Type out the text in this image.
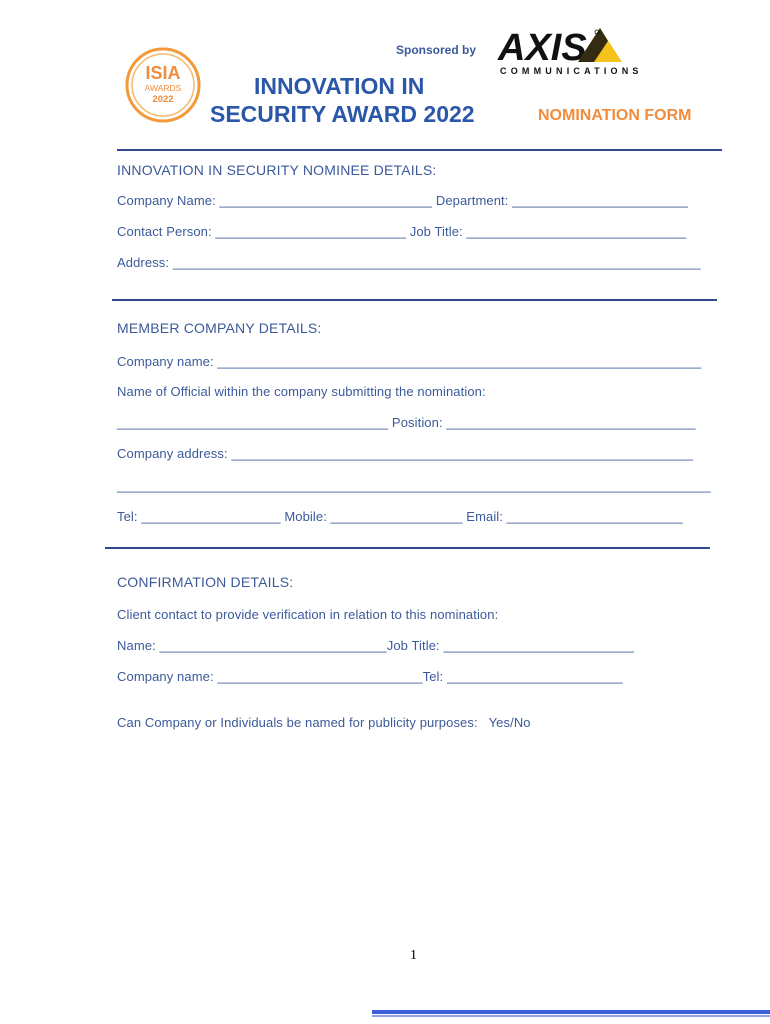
Sponsored by AXIS
COMMUNICATIONS
ISIA
AWARDS
2022
INNOVATION IN
SECURITY AWARD 2022	NOMINATION FORM
INNOVATION IN SECURITY NOMINEE DETAILS:
Company Name: _____________________________ Department: ________________________
Contact Person: __________________________ Job Title: ______________________________
Address: ________________________________________________________________________
MEMBER COMPANY DETAILS:
Company name: __________________________________________________________________
Name of Official within the company submitting the nomination:
_____________________________________ Position: __________________________________
Company address: _______________________________________________________________
_________________________________________________________________________________
Tel: ___________________ Mobile: __________________ Email: ________________________
CONFIRMATION DETAILS:
Client contact to provide verification in relation to this nomination:
Name: _______________________________Job Title: __________________________
Company name: ____________________________Tel: ________________________
Can Company or Individuals be named for publicity purposes:   Yes/No
1
